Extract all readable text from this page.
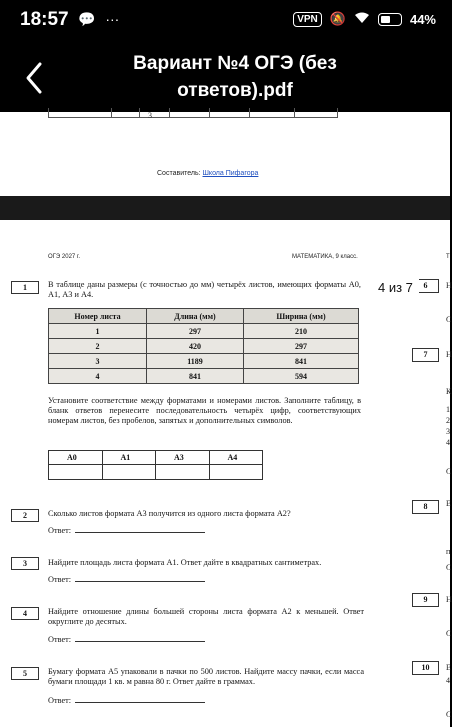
18:57 💬 ···	VPN 🔕	44%
Вариант №4 ОГЭ (без ответов).pdf
3
Составитель: Школа Пифагора
ОГЭ 2027 г.	МАТЕМАТИКА, 9 класс.	Т
1	В таблице даны размеры (с точностью до мм) четырёх листов, имеющих форматы А0, А1, А3 и А4.
Номер листа	Длина (мм)	Ширина (мм)
1	297	210
2	420	297
3	1189	841
4	841	594
Установите соответствие между форматами и номерами листов. Заполните таблицу, в бланк ответов перенесите последовательность четырёх цифр, соответствующих номерам листов, без пробелов, запятых и дополнительных символов.
А0	А1	А3	А4

2	Сколько листов формата А3 получится из одного листа формата А2?
Ответ:
3	Найдите площадь листа формата А1. Ответ дайте в квадратных сантиметрах.
Ответ:
4	Найдите отношение длины большей стороны листа формата А2 к меньшей. Ответ округлите до десятых.
Ответ:
5	Бумагу формата А5 упаковали в пачки по 500 листов. Найдите массу пачки, если масса бумаги площади 1 кв. м равна 80 г. Ответ дайте в граммах.
Ответ:
6
7
8
9
10
Н
С
Н
К
1
2
3
4
С
Е
п
С
Н
С
Е
4
С
4 из 7
